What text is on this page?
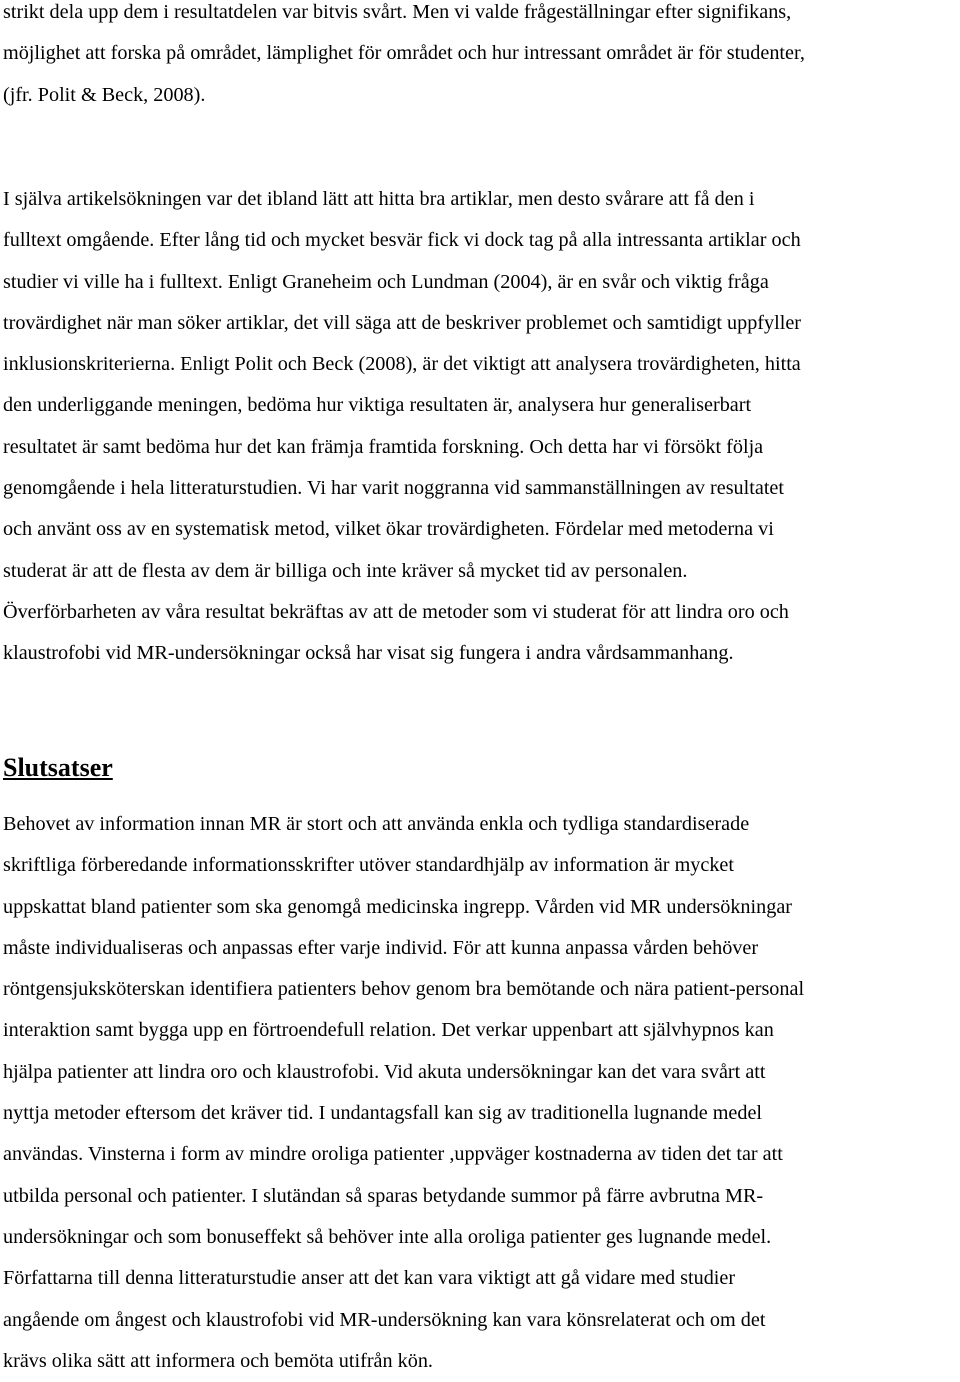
strikt dela upp dem i resultatdelen var bitvis svårt. Men vi valde frågeställningar efter signifikans,
möjlighet att forska på området, lämplighet för området och hur intressant området är för studenter,
(jfr. Polit & Beck, 2008).

I själva artikelsökningen var det ibland lätt att hitta bra artiklar, men desto svårare att få den i
fulltext omgående. Efter lång tid och mycket besvär fick vi dock tag på alla intressanta artiklar och
studier vi ville ha i fulltext. Enligt Graneheim och Lundman (2004), är en svår och viktig fråga
trovärdighet när man söker artiklar, det vill säga att de beskriver problemet och samtidigt uppfyller
inklusionskriterierna. Enligt Polit och Beck (2008), är det viktigt att analysera trovärdigheten, hitta
den underliggande meningen, bedöma hur viktiga resultaten är, analysera hur generaliserbart
resultatet är samt bedöma hur det kan främja framtida forskning. Och detta har vi försökt följa
genomgående i hela litteraturstudien. Vi har varit noggranna vid sammanställningen av resultatet
och använt oss av en systematisk metod, vilket ökar trovärdigheten. Fördelar med metoderna vi
studerat är att de flesta av dem är billiga och inte kräver så mycket tid av personalen.
Överförbarheten av våra resultat bekräftas av att de metoder som vi studerat för att lindra oro och
klaustrofobi vid MR-undersökningar också har visat sig fungera i andra vårdsammanhang.

Slutsatser

Behovet av information innan MR är stort och att använda enkla och tydliga standardiserade
skriftliga förberedande informationsskrifter utöver standardhjälp av information är mycket
uppskattat bland patienter som ska genomgå medicinska ingrepp. Vården vid MR undersökningar
måste individualiseras och anpassas efter varje individ. För att kunna anpassa vården behöver
röntgensjuksköterskan identifiera patienters behov genom bra bemötande och nära patient-personal
interaktion samt bygga upp en förtroendefull relation. Det verkar uppenbart att självhypnos kan
hjälpa patienter att lindra oro och klaustrofobi. Vid akuta undersökningar kan det vara svårt att
nyttja metoder eftersom det kräver tid. I undantagsfall kan sig av traditionella lugnande medel
användas. Vinsterna i form av mindre oroliga patienter ,uppväger kostnaderna av tiden det tar att
utbilda personal och patienter. I slutändan så sparas betydande summor på färre avbrutna MR-
undersökningar och som bonuseffekt så behöver inte alla oroliga patienter ges lugnande medel.
Författarna till denna litteraturstudie anser att det kan vara viktigt att gå vidare med studier
angående om ångest och klaustrofobi vid MR-undersökning kan vara könsrelaterat och om det
krävs olika sätt att informera och bemöta utifrån kön.
